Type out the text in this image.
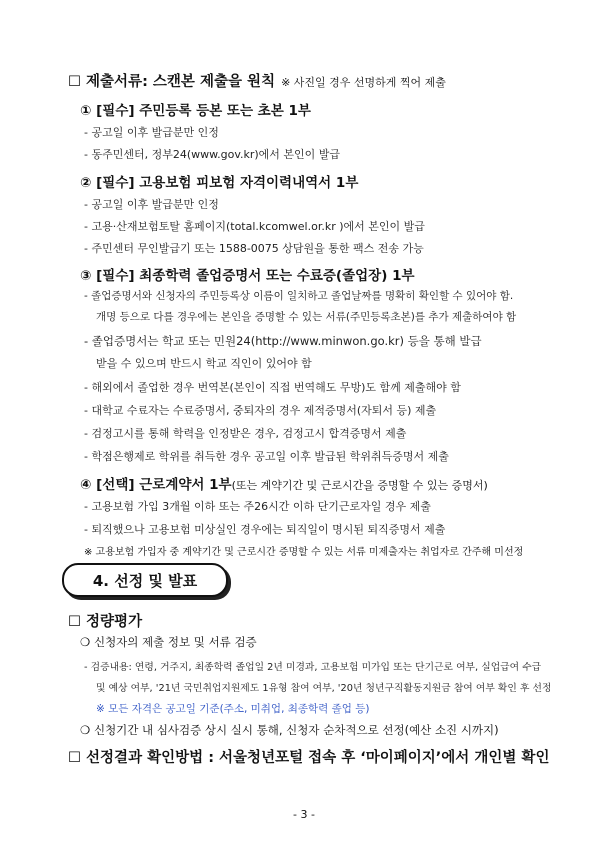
☐ 제출서류: 스캔본 제출을 원칙 ※ 사진일 경우 선명하게 찍어 제출
① [필수] 주민등록 등본 또는 초본 1부
- 공고일 이후 발급분만 인정
- 동주민센터, 정부24(www.gov.kr)에서 본인이 발급
② [필수] 고용보험 피보험 자격이력내역서 1부
- 공고일 이후 발급분만 인정
- 고용·산재보험토탈 홈페이지(total.kcomwel.or.kr )에서 본인이 발급
- 주민센터 무인발급기 또는 1588-0075 상담원을 통한 팩스 전송 가능
③ [필수] 최종학력 졸업증명서 또는 수료증(졸업장) 1부
- 졸업증명서와 신청자의 주민등록상 이름이 일치하고 졸업날짜를 명확히 확인할 수 있어야 함.
개명 등으로 다를 경우에는 본인을 증명할 수 있는 서류(주민등록초본)를 추가 제출하여야 함
- 졸업증명서는 학교 또는 민원24(http://www.minwon.go.kr) 등을 통해 발급
받을 수 있으며 반드시 학교 직인이 있어야 함
- 해외에서 졸업한 경우 번역본(본인이 직접 번역해도 무방)도 함께 제출해야 함
- 대학교 수료자는 수료증명서, 중퇴자의 경우 제적증명서(자퇴서 등) 제출
- 검정고시를 통해 학력을 인정받은 경우, 검정고시 합격증명서 제출
- 학점은행제로 학위를 취득한 경우 공고일 이후 발급된 학위취득증명서 제출
④ [선택] 근로계약서 1부(또는 계약기간 및 근로시간을 증명할 수 있는 증명서)
- 고용보험 가입 3개월 이하 또는 주26시간 이하 단기근로자일 경우 제출
- 퇴직했으나 고용보험 미상실인 경우에는 퇴직일이 명시된 퇴직증명서 제출
※ 고용보험 가입자 중 계약기간 및 근로시간 증명할 수 있는 서류 미제출자는 취업자로 간주해 미선정
4. 선정 및 발표
☐ 정량평가
❍ 신청자의 제출 정보 및 서류 검증
- 검증내용: 연령, 거주지, 최종학력 졸업일 2년 미경과, 고용보험 미가입 또는 단기근로 여부, 실업급여 수급
및 예상 여부, '21년 국민취업지원제도 1유형 참여 여부, '20년 청년구직활동지원금 참여 여부 확인 후 선정
※ 모든 자격은 공고일 기준(주소, 미취업, 최종학력 졸업 등)
❍ 신청기간 내 심사검증 상시 실시 통해, 신청자 순차적으로 선정(예산 소진 시까지)
☐ 선정결과 확인방법 : 서울청년포털 접속 후 ‘마이페이지’에서 개인별 확인
- 3 -
